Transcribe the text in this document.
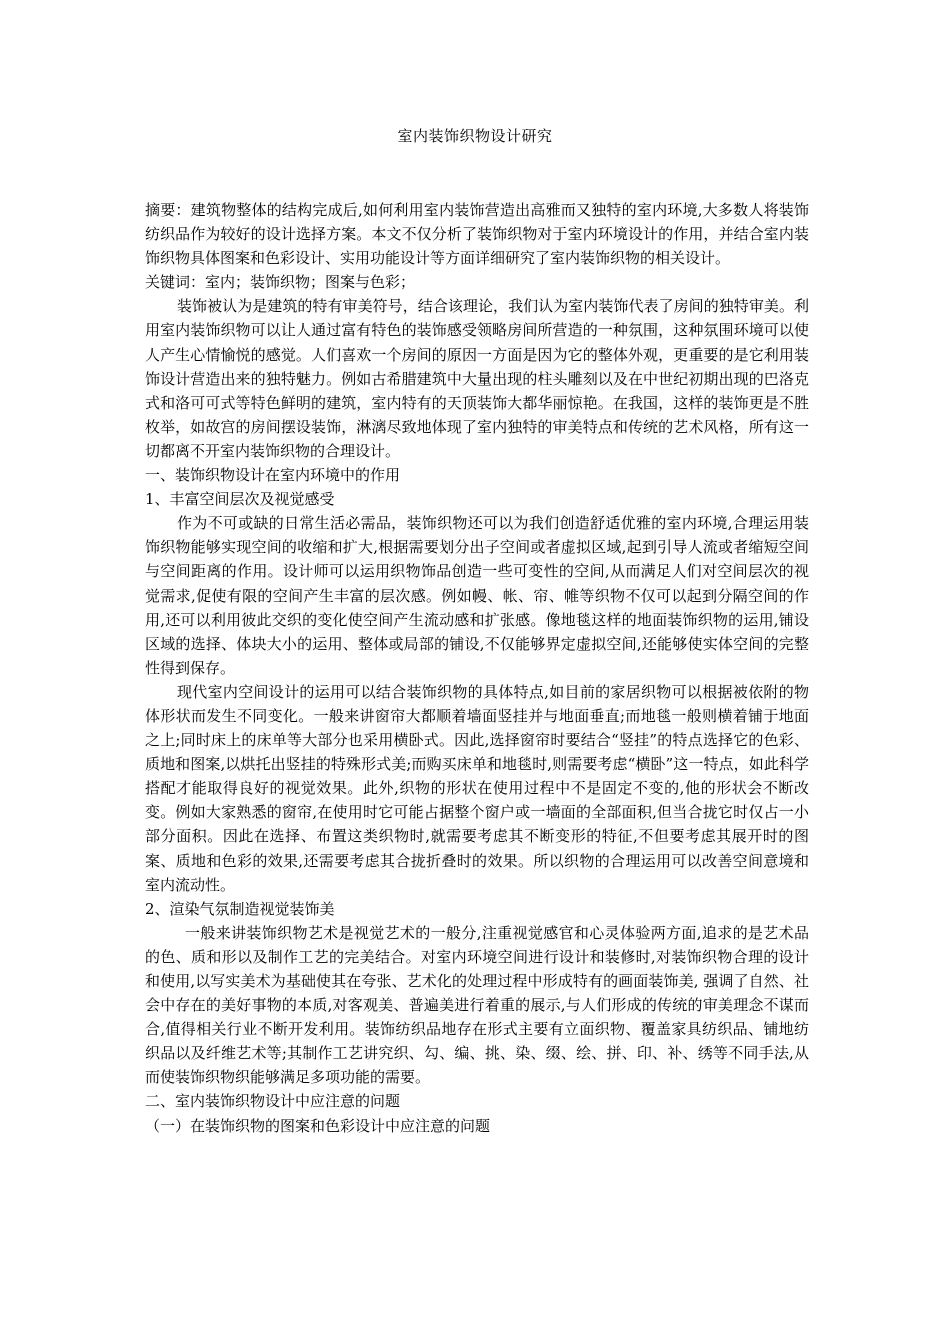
室内装饰织物设计研究

摘要：建筑物整体的结构完成后,如何利用室内装饰营造出高雅而又独特的室内环境,大多数人将装饰纺织品作为较好的设计选择方案。本文不仅分析了装饰织物对于室内环境设计的作用，并结合室内装饰织物具体图案和色彩设计、实用功能设计等方面详细研究了室内装饰织物的相关设计。

关键词：室内；装饰织物；图案与色彩；

装饰被认为是建筑的特有审美符号，结合该理论，我们认为室内装饰代表了房间的独特审美。利用室内装饰织物可以让人通过富有特色的装饰感受领略房间所营造的一种氛围，这种氛围环境可以使人产生心情愉悦的感觉。人们喜欢一个房间的原因一方面是因为它的整体外观，更重要的是它利用装饰设计营造出来的独特魅力。例如古希腊建筑中大量出现的柱头雕刻以及在中世纪初期出现的巴洛克式和洛可可式等特色鲜明的建筑，室内特有的天顶装饰大都华丽惊艳。在我国，这样的装饰更是不胜枚举，如故宫的房间摆设装饰，淋漓尽致地体现了室内独特的审美特点和传统的艺术风格，所有这一切都离不开室内装饰织物的合理设计。

一、装饰织物设计在室内环境中的作用

1、丰富空间层次及视觉感受

作为不可或缺的日常生活必需品，装饰织物还可以为我们创造舒适优雅的室内环境,合理运用装饰织物能够实现空间的收缩和扩大,根据需要划分出子空间或者虚拟区域,起到引导人流或者缩短空间与空间距离的作用。设计师可以运用织物饰品创造一些可变性的空间,从而满足人们对空间层次的视觉需求,促使有限的空间产生丰富的层次感。例如幔、帐、帘、帷等织物不仅可以起到分隔空间的作用,还可以利用彼此交织的变化使空间产生流动感和扩张感。像地毯这样的地面装饰织物的运用,铺设区域的选择、体块大小的运用、整体或局部的铺设,不仅能够界定虚拟空间,还能够使实体空间的完整性得到保存。

现代室内空间设计的运用可以结合装饰织物的具体特点,如目前的家居织物可以根据被依附的物体形状而发生不同变化。一般来讲窗帘大都顺着墙面竖挂并与地面垂直;而地毯一般则横着铺于地面之上;同时床上的床单等大部分也采用横卧式。因此,选择窗帘时要结合“竖挂”的特点选择它的色彩、质地和图案,以烘托出竖挂的特殊形式美;而购买床单和地毯时,则需要考虑“横卧”这一特点，如此科学搭配才能取得良好的视觉效果。此外,织物的形状在使用过程中不是固定不变的,他的形状会不断改变。例如大家熟悉的窗帘,在使用时它可能占据整个窗户或一墙面的全部面积,但当合拢它时仅占一小部分面积。因此在选择、布置这类织物时,就需要考虑其不断变形的特征,不但要考虑其展开时的图案、质地和色彩的效果,还需要考虑其合拢折叠时的效果。所以织物的合理运用可以改善空间意境和室内流动性。

2、渲染气氛制造视觉装饰美

一般来讲装饰织物艺术是视觉艺术的一般分,注重视觉感官和心灵体验两方面,追求的是艺术品的色、质和形以及制作工艺的完美结合。对室内环境空间进行设计和装修时,对装饰织物合理的设计和使用,以写实美术为基础使其在夸张、艺术化的处理过程中形成特有的画面装饰美, 强调了自然、社会中存在的美好事物的本质,对客观美、普遍美进行着重的展示,与人们形成的传统的审美理念不谋而合,值得相关行业不断开发利用。装饰纺织品地存在形式主要有立面织物、覆盖家具纺织品、铺地纺织品以及纤维艺术等;其制作工艺讲究织、勾、编、挑、染、缀、绘、拼、印、补、绣等不同手法,从而使装饰织物织能够满足多项功能的需要。

二、室内装饰织物设计中应注意的问题

（一）在装饰织物的图案和色彩设计中应注意的问题
